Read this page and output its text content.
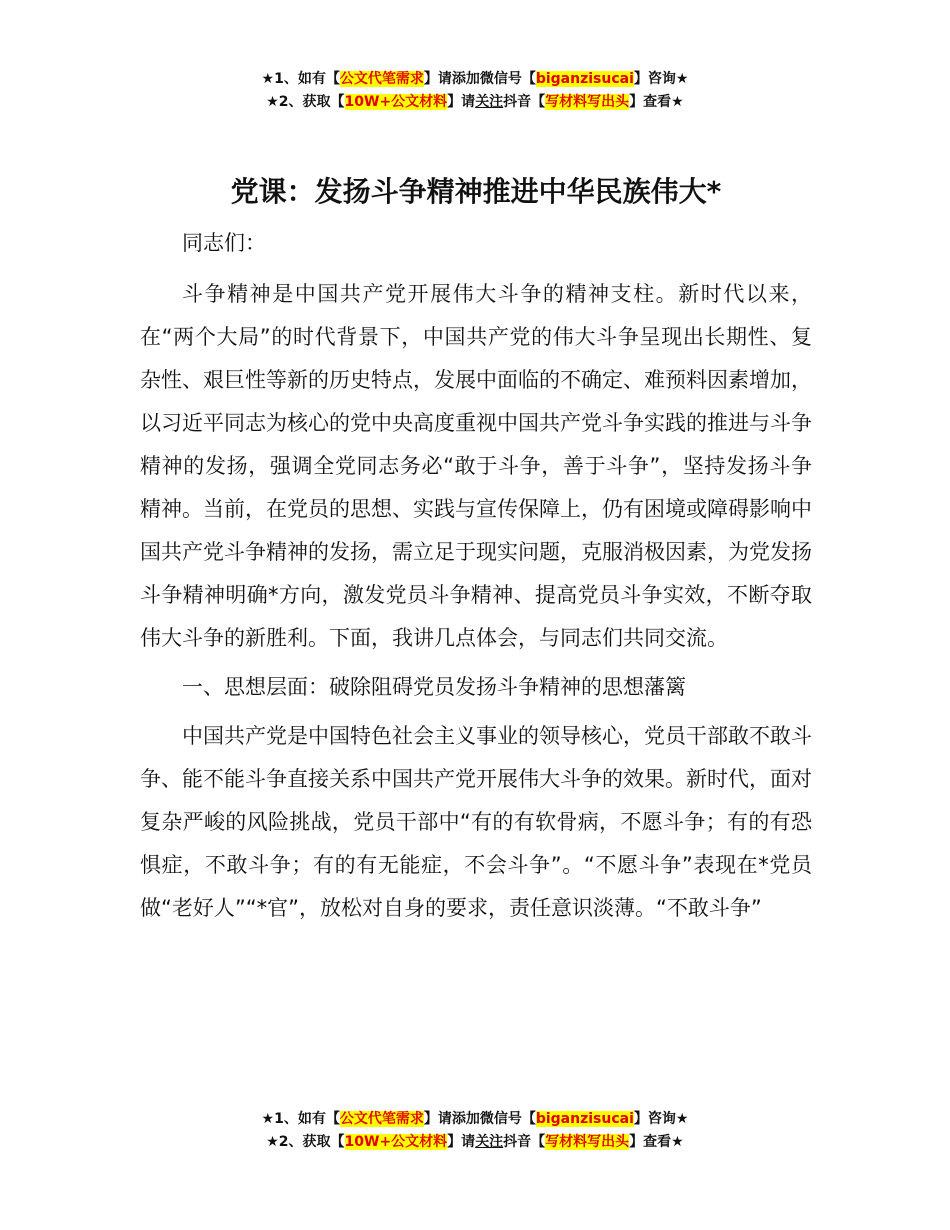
★1、如有【公文代笔需求】请添加微信号【biganzisucai】咨询★
★2、获取【10W+公文材料】请关注抖音【写材料写出头】查看★
党课：发扬斗争精神推进中华民族伟大*

同志们：

斗争精神是中国共产党开展伟大斗争的精神支柱。新时代以来，在“两个大局”的时代背景下，中国共产党的伟大斗争呈现出长期性、复杂性、艰巨性等新的历史特点，发展中面临的不确定、难预料因素增加，以习近平同志为核心的党中央高度重视中国共产党斗争实践的推进与斗争精神的发扬，强调全党同志务必“敢于斗争，善于斗争”，坚持发扬斗争精神。当前，在党员的思想、实践与宣传保障上，仍有困境或障碍影响中国共产党斗争精神的发扬，需立足于现实问题，克服消极因素，为党发扬斗争精神明确*方向，激发党员斗争精神、提高党员斗争实效，不断夺取伟大斗争的新胜利。下面，我讲几点体会，与同志们共同交流。

一、思想层面：破除阻碍党员发扬斗争精神的思想藩篱

中国共产党是中国特色社会主义事业的领导核心，党员干部敢不敢斗争、能不能斗争直接关系中国共产党开展伟大斗争的效果。新时代，面对复杂严峻的风险挑战，党员干部中“有的有软骨病，不愿斗争；有的有恐惧症，不敢斗争；有的有无能症，不会斗争”。“不愿斗争”表现在*党员做“老好人”“*官”，放松对自身的要求，责任意识淡薄。“不敢斗争”

★1、如有【公文代笔需求】请添加微信号【biganzisucai】咨询★
★2、获取【10W+公文材料】请关注抖音【写材料写出头】查看★
